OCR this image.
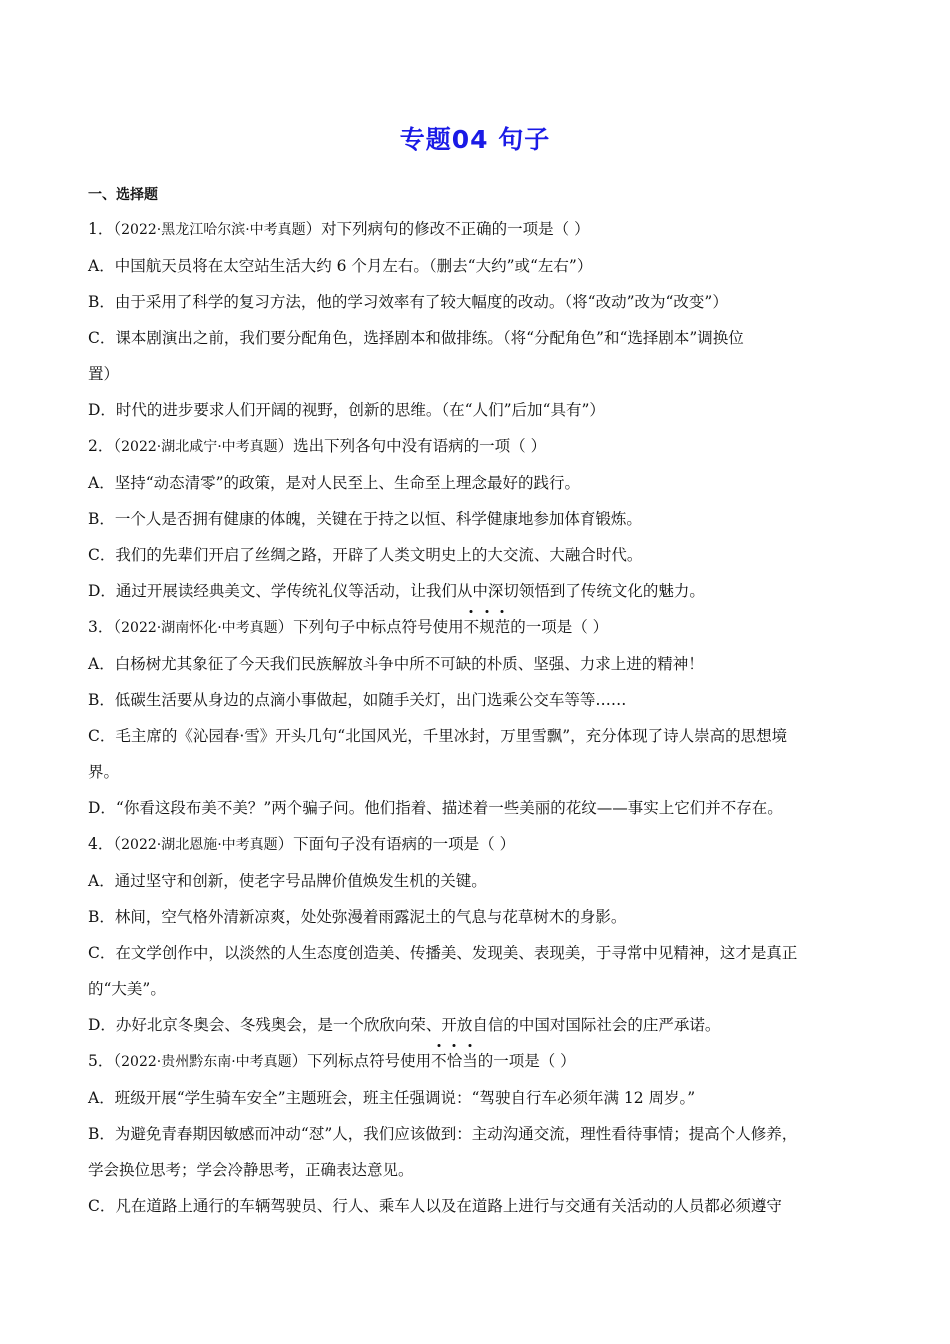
专题04 句子
一、选择题
1．（2022·黑龙江哈尔滨·中考真题）对下列病句的修改不正确的一项是（ ）
A．中国航天员将在太空站生活大约 6 个月左右。（删去“大约”或“左右”）
B．由于采用了科学的复习方法，他的学习效率有了较大幅度的改动。（将“改动”改为“改变”）
C．课本剧演出之前，我们要分配角色，选择剧本和做排练。（将“分配角色”和“选择剧本”调换位
置）
D．时代的进步要求人们开阔的视野，创新的思维。（在“人们”后加“具有”）
2．（2022·湖北咸宁·中考真题）选出下列各句中没有语病的一项（ ）
A．坚持“动态清零”的政策，是对人民至上、生命至上理念最好的践行。
B．一个人是否拥有健康的体魄，关键在于持之以恒、科学健康地参加体育锻炼。
C．我们的先辈们开启了丝绸之路，开辟了人类文明史上的大交流、大融合时代。
D．通过开展读经典美文、学传统礼仪等活动，让我们从中深切领悟到了传统文化的魅力。
3．（2022·湖南怀化·中考真题）下列句子中标点符号使用不规范的一项是（ ）
A．白杨树尤其象征了今天我们民族解放斗争中所不可缺的朴质、坚强、力求上进的精神！
B．低碳生活要从身边的点滴小事做起，如随手关灯，出门选乘公交车等等……
C．毛主席的《沁园春·雪》开头几句“北国风光，千里冰封，万里雪飘”，充分体现了诗人崇高的思想境
界。
D．“你看这段布美不美？”两个骗子问。他们指着、描述着一些美丽的花纹——事实上它们并不存在。
4．（2022·湖北恩施·中考真题）下面句子没有语病的一项是（ ）
A．通过坚守和创新，使老字号品牌价值焕发生机的关键。
B．林间，空气格外清新凉爽，处处弥漫着雨露泥土的气息与花草树木的身影。
C．在文学创作中，以淡然的人生态度创造美、传播美、发现美、表现美，于寻常中见精神，这才是真正
的“大美”。
D．办好北京冬奥会、冬残奥会，是一个欣欣向荣、开放自信的中国对国际社会的庄严承诺。
5．（2022·贵州黔东南·中考真题）下列标点符号使用不恰当的一项是（ ）
A．班级开展“学生骑车安全”主题班会，班主任强调说：“驾驶自行车必须年满 12 周岁。”
B．为避免青春期因敏感而冲动“怼”人，我们应该做到：主动沟通交流，理性看待事情；提高个人修养，
学会换位思考；学会冷静思考，正确表达意见。
C．凡在道路上通行的车辆驾驶员、行人、乘车人以及在道路上进行与交通有关活动的人员都必须遵守
